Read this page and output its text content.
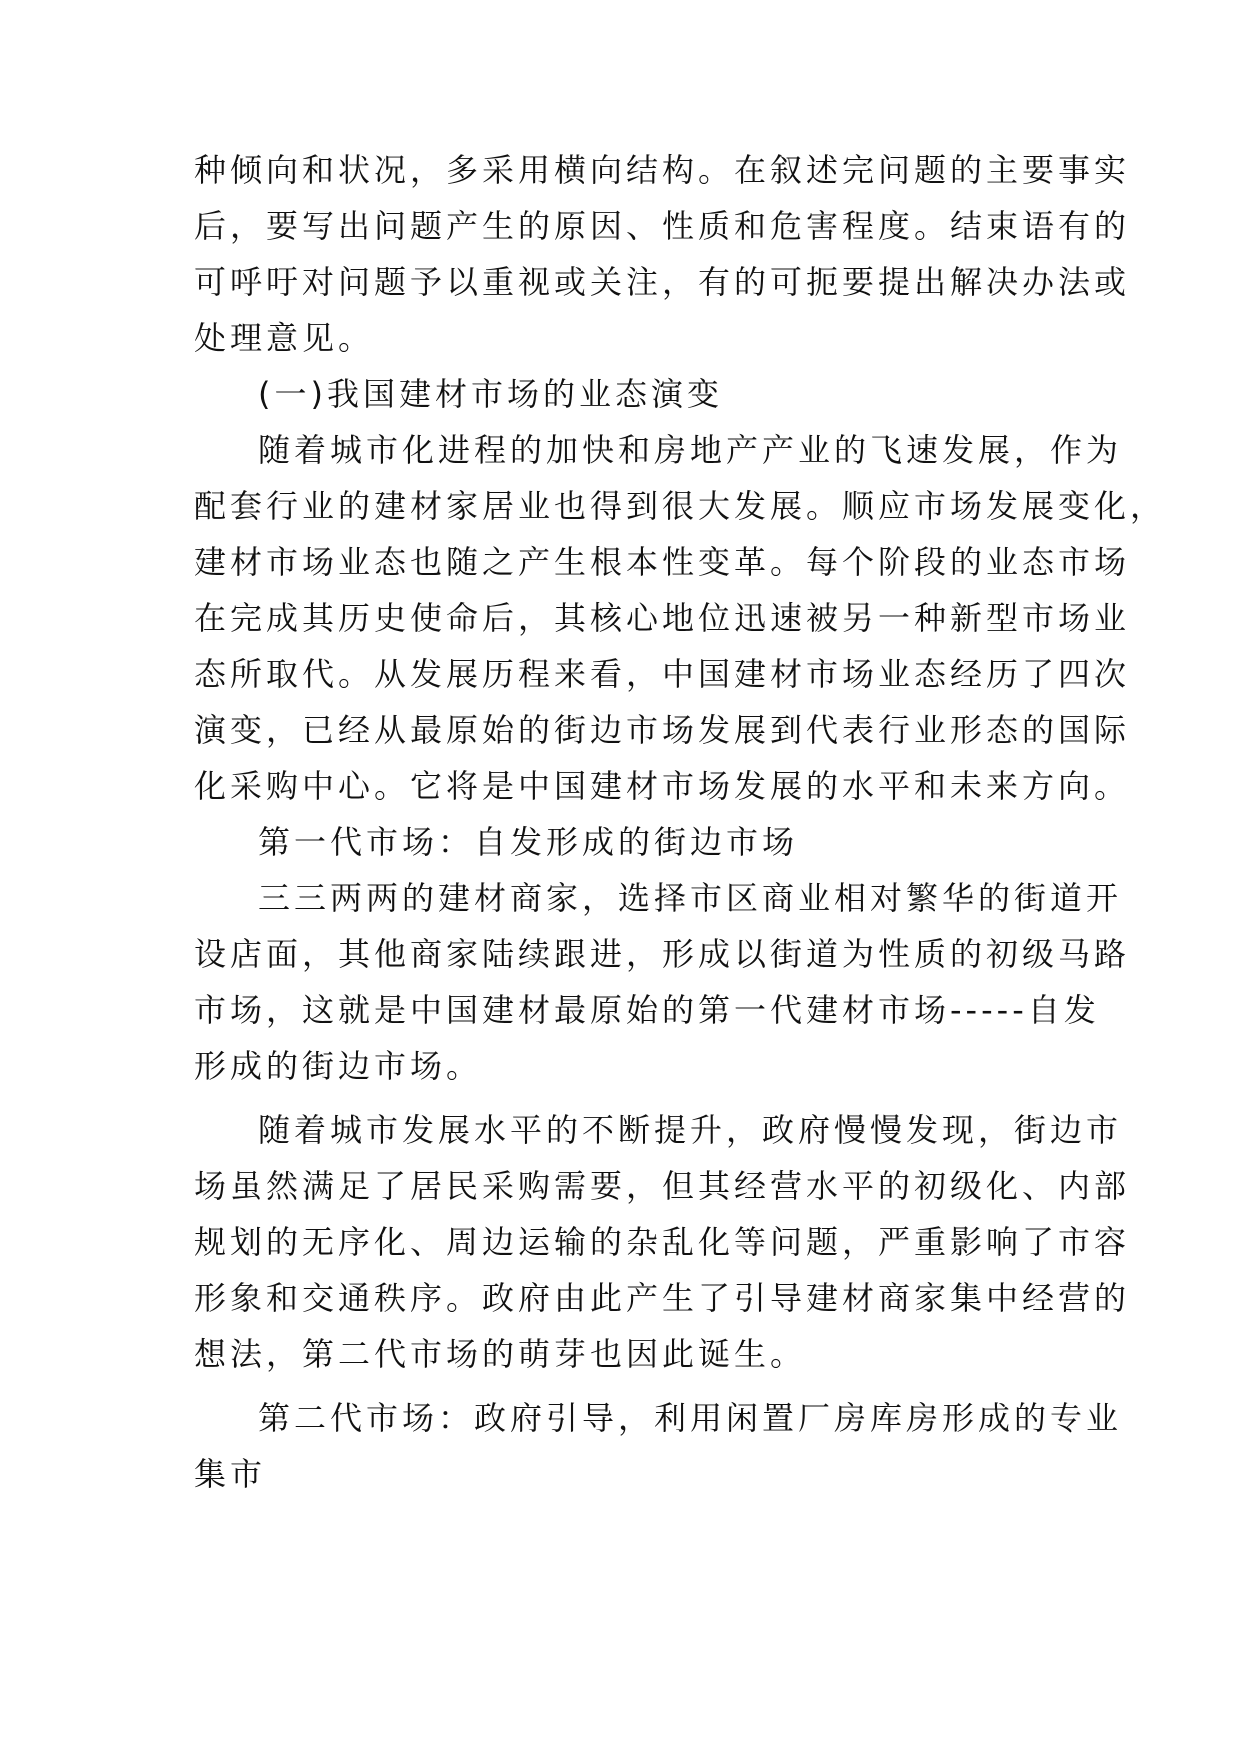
种倾向和状况，多采用横向结构。在叙述完问题的主要事实
后，要写出问题产生的原因、性质和危害程度。结束语有的
可呼吁对问题予以重视或关注，有的可扼要提出解决办法或
处理意见。
(一)我国建材市场的业态演变
随着城市化进程的加快和房地产产业的飞速发展，作为
配套行业的建材家居业也得到很大发展。顺应市场发展变化，
建材市场业态也随之产生根本性变革。每个阶段的业态市场
在完成其历史使命后，其核心地位迅速被另一种新型市场业
态所取代。从发展历程来看，中国建材市场业态经历了四次
演变，已经从最原始的街边市场发展到代表行业形态的国际
化采购中心。它将是中国建材市场发展的水平和未来方向。
第一代市场：自发形成的街边市场
三三两两的建材商家，选择市区商业相对繁华的街道开
设店面，其他商家陆续跟进，形成以街道为性质的初级马路
市场，这就是中国建材最原始的第一代建材市场-----自发
形成的街边市场。
随着城市发展水平的不断提升，政府慢慢发现，街边市
场虽然满足了居民采购需要，但其经营水平的初级化、内部
规划的无序化、周边运输的杂乱化等问题，严重影响了市容
形象和交通秩序。政府由此产生了引导建材商家集中经营的
想法，第二代市场的萌芽也因此诞生。
第二代市场：政府引导，利用闲置厂房库房形成的专业
集市
